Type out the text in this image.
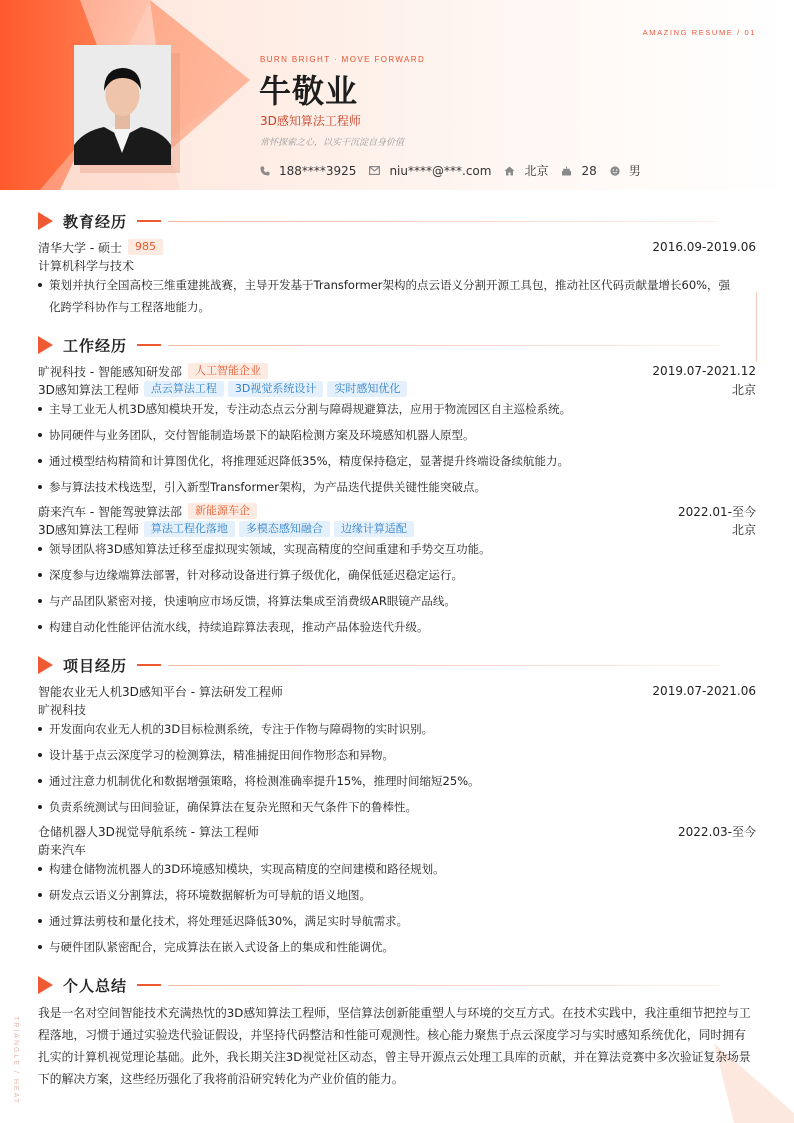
AMAZING RESUME / 01
TRIANGLE / HEAT
BURN BRIGHT · MOVE FORWARD
牛敬业
3D感知算法工程师
常怀探索之心，以实干沉淀自身价值
188****3925	niu****@***.com	北京	28	男
教育经历
清华大学 - 硕士	985	2016.09-2019.06
计算机科学与技术
策划并执行全国高校三维重建挑战赛，主导开发基于Transformer架构的点云语义分割开源工具包，推动社区代码贡献量增长60%，强
化跨学科协作与工程落地能力。
工作经历
旷视科技 - 智能感知研发部	人工智能企业	2019.07-2021.12
3D感知算法工程师	点云算法工程	3D视觉系统设计	实时感知优化	北京
主导工业无人机3D感知模块开发，专注动态点云分割与障碍规避算法，应用于物流园区自主巡检系统。
协同硬件与业务团队，交付智能制造场景下的缺陷检测方案及环境感知机器人原型。
通过模型结构精简和计算图优化，将推理延迟降低35%，精度保持稳定，显著提升终端设备续航能力。
参与算法技术栈选型，引入新型Transformer架构，为产品迭代提供关键性能突破点。
蔚来汽车 - 智能驾驶算法部	新能源车企	2022.01-至今
3D感知算法工程师	算法工程化落地	多模态感知融合	边缘计算适配	北京
领导团队将3D感知算法迁移至虚拟现实领域，实现高精度的空间重建和手势交互功能。
深度参与边缘端算法部署，针对移动设备进行算子级优化，确保低延迟稳定运行。
与产品团队紧密对接，快速响应市场反馈，将算法集成至消费级AR眼镜产品线。
构建自动化性能评估流水线，持续追踪算法表现，推动产品体验迭代升级。
项目经历
智能农业无人机3D感知平台 - 算法研发工程师	2019.07-2021.06
旷视科技
开发面向农业无人机的3D目标检测系统，专注于作物与障碍物的实时识别。
设计基于点云深度学习的检测算法，精准捕捉田间作物形态和异物。
通过注意力机制优化和数据增强策略，将检测准确率提升15%，推理时间缩短25%。
负责系统测试与田间验证，确保算法在复杂光照和天气条件下的鲁棒性。
仓储机器人3D视觉导航系统 - 算法工程师	2022.03-至今
蔚来汽车
构建仓储物流机器人的3D环境感知模块，实现高精度的空间建模和路径规划。
研发点云语义分割算法，将环境数据解析为可导航的语义地图。
通过算法剪枝和量化技术，将处理延迟降低30%，满足实时导航需求。
与硬件团队紧密配合，完成算法在嵌入式设备上的集成和性能调优。
个人总结
我是一名对空间智能技术充满热忱的3D感知算法工程师，坚信算法创新能重塑人与环境的交互方式。在技术实践中，我注重细节把控与工程落地，习惯于通过实验迭代验证假设，并坚持代码整洁和性能可观测性。核心能力聚焦于点云深度学习与实时感知系统优化，同时拥有扎实的计算机视觉理论基础。此外，我长期关注3D视觉社区动态，曾主导开源点云处理工具库的贡献，并在算法竞赛中多次验证复杂场景下的解决方案，这些经历强化了我将前沿研究转化为产业价值的能力。
